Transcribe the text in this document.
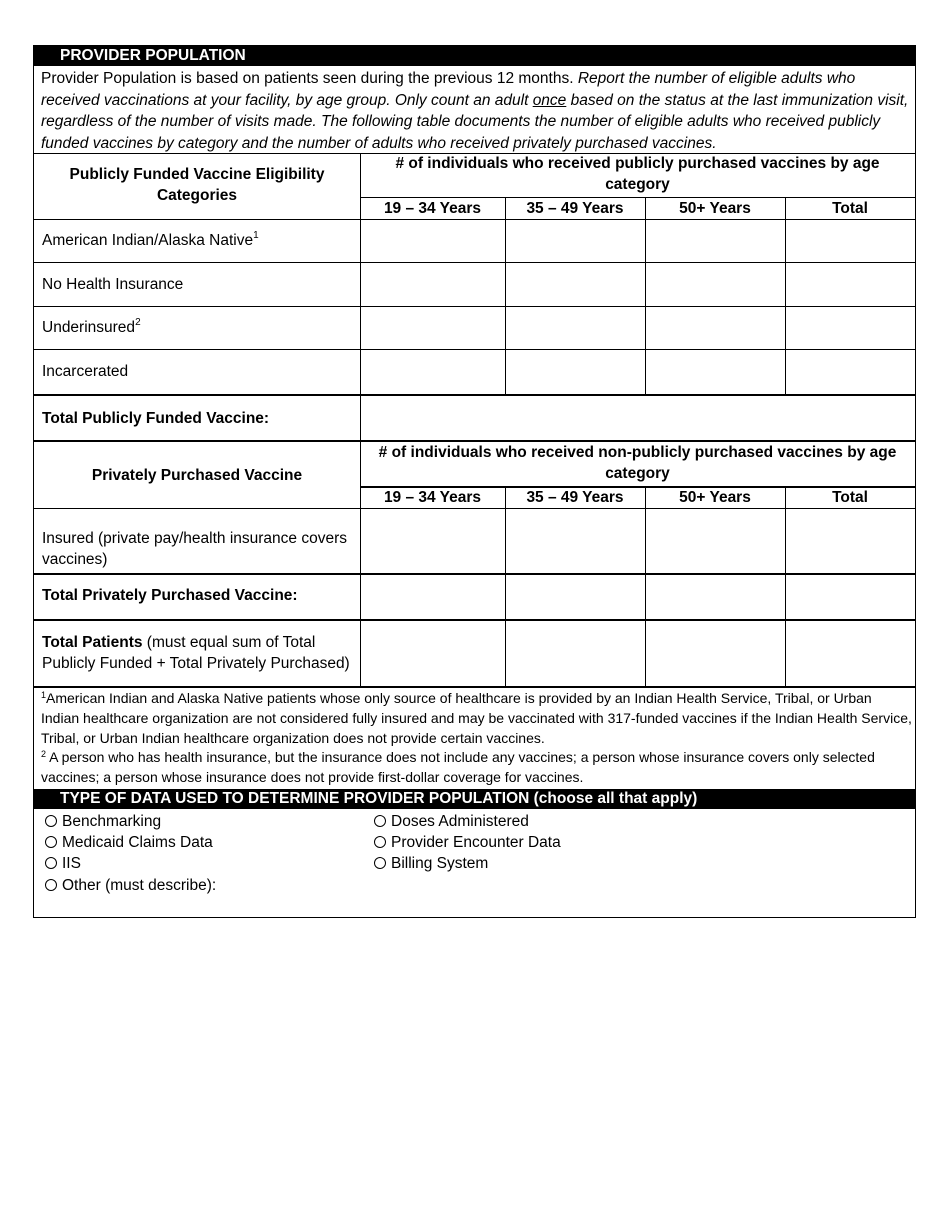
PROVIDER POPULATION
Provider Population is based on patients seen during the previous 12 months. Report the number of eligible adults who received vaccinations at your facility, by age group. Only count an adult once based on the status at the last immunization visit, regardless of the number of visits made. The following table documents the number of eligible adults who received publicly funded vaccines by category and the number of adults who received privately purchased vaccines.
Publicly Funded Vaccine Eligibility Categories
# of individuals who received publicly purchased vaccines by age category
19 – 34 Years	35 – 49 Years	50+ Years	Total
American Indian/Alaska Native$^1$
No Health Insurance
Underinsured$^2$
Incarcerated
Total Publicly Funded Vaccine:
Privately Purchased Vaccine
# of individuals who received non-publicly purchased vaccines by age category
19 – 34 Years	35 – 49 Years	50+ Years	Total
Insured (private pay/health insurance covers vaccines)
Total Privately Purchased Vaccine:
Total Patients (must equal sum of Total Publicly Funded + Total Privately Purchased)
$^1$American Indian and Alaska Native patients whose only source of healthcare is provided by an Indian Health Service, Tribal, or Urban Indian healthcare organization are not considered fully insured and may be vaccinated with 317-funded vaccines if the Indian Health Service, Tribal, or Urban Indian healthcare organization does not provide certain vaccines.
$^2$ A person who has health insurance, but the insurance does not include any vaccines; a person whose insurance covers only selected vaccines; a person whose insurance does not provide first-dollar coverage for vaccines.
TYPE OF DATA USED TO DETERMINE PROVIDER POPULATION (choose all that apply)
Benchmarking
Medicaid Claims Data
IIS
Other (must describe):
Doses Administered
Provider Encounter Data
Billing System
